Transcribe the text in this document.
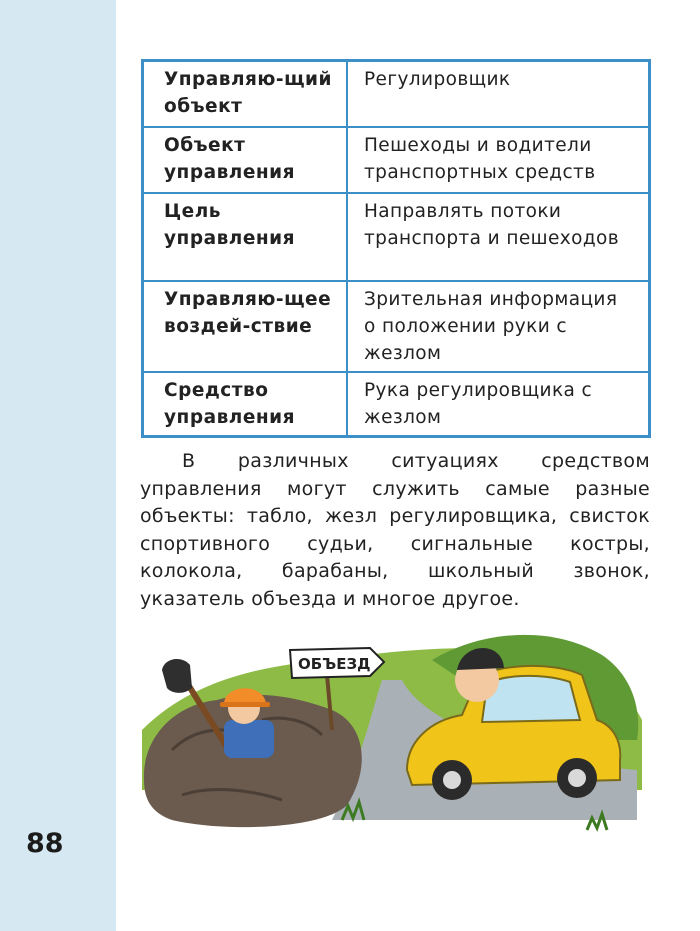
Управляю-щий объект	Регулировщик
Объект управления	Пешеходы и водители транспортных средств
Цель управления	Направлять потоки транспорта и пешеходов
Управляю-щее воздей-ствие	Зрительная информация о положении руки с жезлом
Средство управления	Рука регулировщика с жезлом

В различных ситуациях средством управления могут служить самые разные объекты: табло, жезл регулировщика, свисток спортивного судьи, сигнальные костры, колокола, барабаны, школьный звонок, указатель объезда и многое другое.

ОБЪЕЗД
88
